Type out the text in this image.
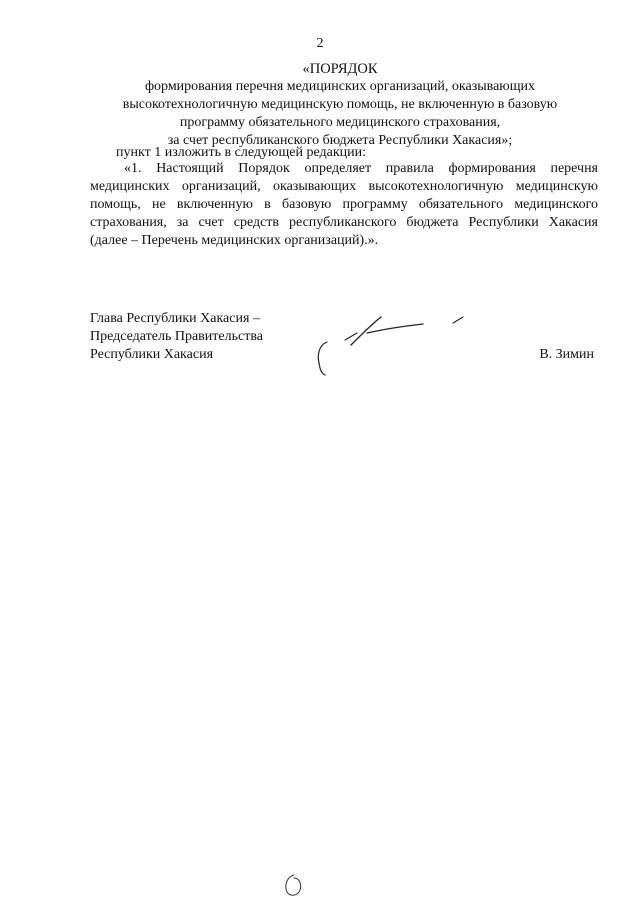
2
«ПОРЯДОК
формирования перечня медицинских организаций, оказывающих
высокотехнологичную медицинскую помощь, не включенную в базовую
программу обязательного медицинского страхования,
за счет республиканского бюджета Республики Хакасия»;
пункт 1 изложить в следующей редакции:
«1. Настоящий Порядок определяет правила формирования перечня
медицинских организаций, оказывающих высокотехнологичную медицинскую
помощь, не включенную в базовую программу обязательного медицинского
страхования, за счет средств республиканского бюджета Республики Хакасия
(далее – Перечень медицинских организаций).».
Глава Республики Хакасия –
Председатель Правительства
Республики Хакасия	В. Зимин
